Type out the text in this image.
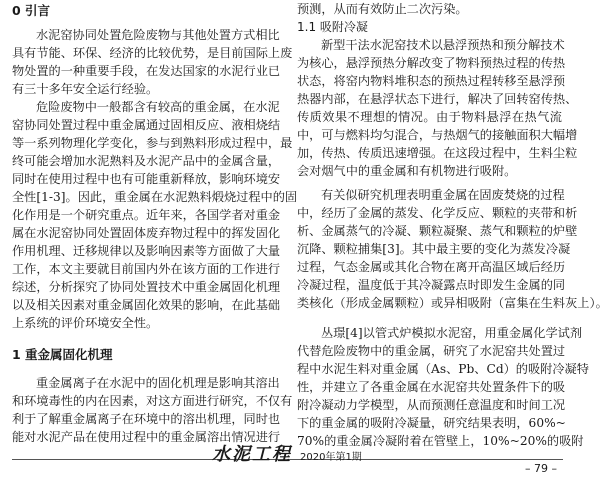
0 引言
水泥窑协同处置危险废物与其他处置方式相比
具有节能、环保、经济的比较优势，是目前国际上废
物处置的一种重要手段，在发达国家的水泥行业已
有三十多年安全运行经验。
危险废物中一般都含有较高的重金属，在水泥
窑协同处置过程中重金属通过固相反应、液相烧结
等一系列物理化学变化，参与到熟料形成过程中，最
终可能会增加水泥熟料及水泥产品中的金属含量，
同时在使用过程中也有可能重新释放，影响环境安
全性[1-3]。因此，重金属在水泥熟料煅烧过程中的固
化作用是一个研究重点。近年来，各国学者对重金
属在水泥窑协同处置固体废弃物过程中的挥发固化
作用机理、迁移规律以及影响因素等方面做了大量
工作，本文主要就目前国内外在该方面的工作进行
综述，分析探究了协同处置技术中重金属固化机理
以及相关因素对重金属固化效果的影响，在此基础
上系统的评价环境安全性。
1 重金属固化机理
重金属离子在水泥中的固化机理是影响其溶出
和环境毒性的内在因素，对这方面进行研究，不仅有
利于了解重金属离子在环境中的溶出机理，同时也
能对水泥产品在使用过程中的重金属溶出情况进行
预测，从而有效防止二次污染。
1.1 吸附冷凝
新型干法水泥窑技术以悬浮预热和预分解技术
为核心，悬浮预热分解改变了物料预热过程的传热
状态，将窑内物料堆积态的预热过程转移至悬浮预
热器内部，在悬浮状态下进行，解决了回转窑传热、
传质效果不理想的情况。由于物料悬浮在热气流
中，可与燃料均匀混合，与热烟气的接触面积大幅增
加，传热、传质迅速增强。在这段过程中，生料尘粒
会对烟气中的重金属和有机物进行吸附。
有关似研究机理表明重金属在固废焚烧的过程
中，经历了金属的蒸发、化学反应、颗粒的夹带和析
析、金属蒸气的冷凝、颗粒凝聚、蒸气和颗粒的炉壁
沉降、颗粒捕集[3]。其中最主要的变化为蒸发冷凝
过程，气态金属或其化合物在离开高温区域后经历
冷凝过程，温度低于其冷凝露点时即发生金属的同
类核化（形成金属颗粒）或异相吸附（富集在生料灰上）。
丛璟[4]以管式炉模拟水泥窑，用重金属化学试剂
代替危险废物中的重金属，研究了水泥窑共处置过
程中水泥生料对重金属（As、Pb、Cd）的吸附冷凝特
性，并建立了各重金属在水泥窑共处置条件下的吸
附冷凝动力学模型，从而预测任意温度和时间工况
下的重金属的吸附冷凝量，研究结果表明，60%~
70%的重金属冷凝附着在管壁上，10%~20%的吸附
水泥工程 2020年第1期
– 79 –
